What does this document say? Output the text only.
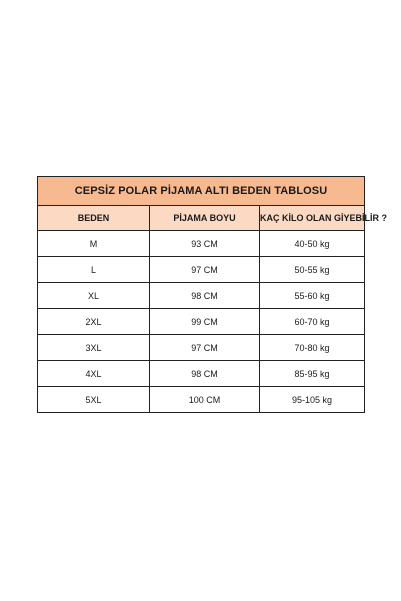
CEPSİZ POLAR PİJAMA ALTI BEDEN TABLOSU		
BEDEN	PİJAMA BOYU	KAÇ KİLO OLAN GİYEBİLİR ?
M	93 CM	40-50 kg
L	97 CM	50-55 kg
XL	98 CM	55-60 kg
2XL	99 CM	60-70 kg
3XL	97 CM	70-80 kg
4XL	98 CM	85-95 kg
5XL	100 CM	95-105 kg
